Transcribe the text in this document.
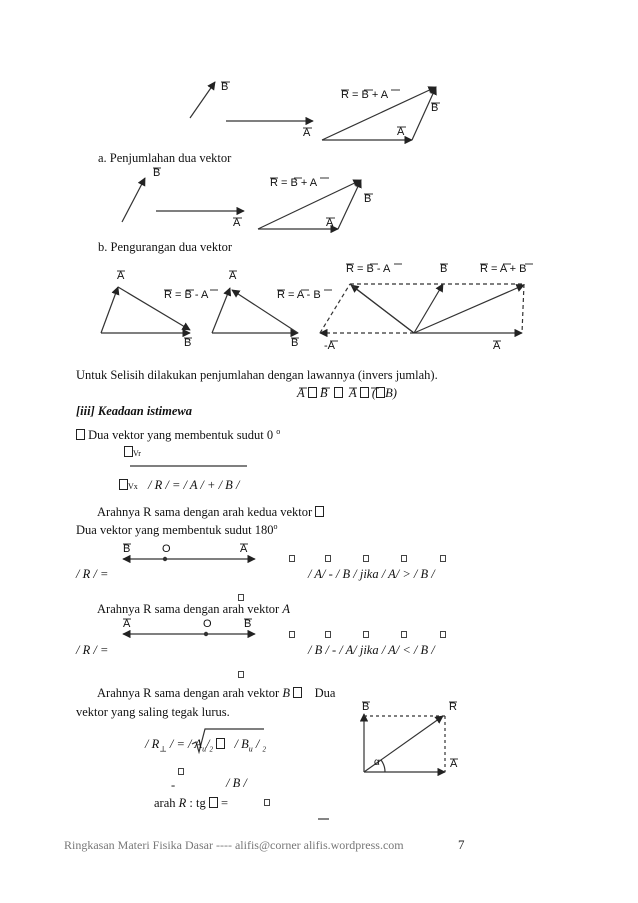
B
R = B + A
A	A
B
a. Penjumlahan dua vektor
B
R = B + A
A
B
A
b. Pengurangan dua vektor
A
R = B - A
B
A
R = A - B
B
R = B - A	B	R = A + B
-A	A
Untuk Selisih dilakukan penjumlahan dengan lawannya (invers jumlah).
A B A ( B)
[iii] Keadaan istimewa
Dua vektor yang membentuk sudut 0 $^o$
Vr
Vx / R / = / A / + / B /
Arahnya R sama dengan arah kedua vektor
Dua vektor yang membentuk sudut 180$^o$
B	O	A
/ R / =	/ A/ - / B / jika / A/ > / B /
Arahnya R sama dengan arah vektor A
A	O	B
/ R / =	/ B / - / A/ jika / A/ < / B /
Arahnya R sama dengan arah vektor B Dua
vektor yang saling tegak lurus.
/ $R_\perp$ / = / $A_u/_2 / B_u / _2$
-	/ B /
arah R : tg =
B	R
A
α
Ringkasan Materi Fisika Dasar ---- alifis@corner alifis.wordpress.com	7
